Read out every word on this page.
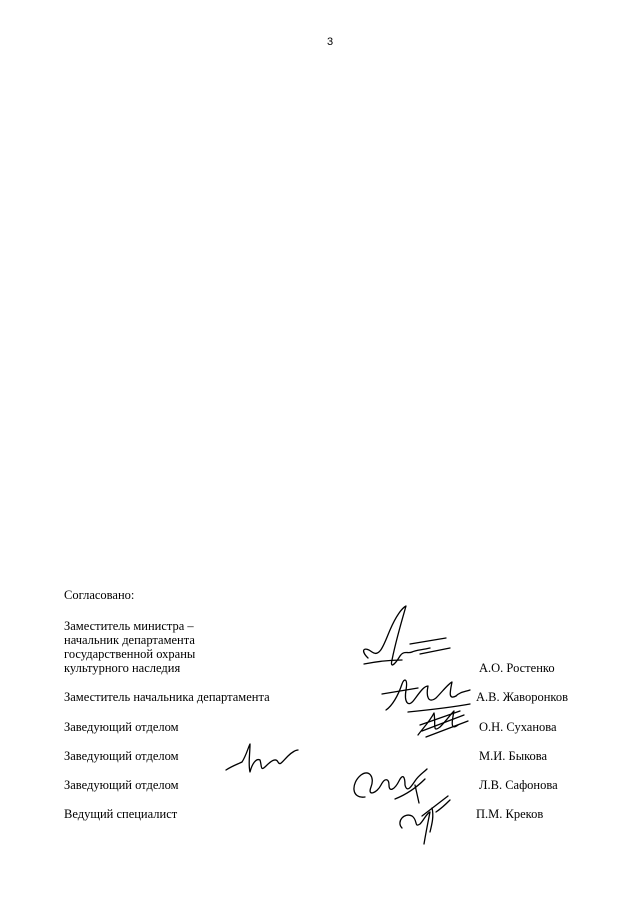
3
Согласовано:
Заместитель министра –
начальник департамента
государственной охраны
культурного наследия	А.О. Ростенко
Заместитель начальника департамента	А.В. Жаворонков
Заведующий отделом	О.Н. Суханова
Заведующий отделом	М.И. Быкова
Заведующий отделом	Л.В. Сафонова
Ведущий специалист	П.М. Креков
